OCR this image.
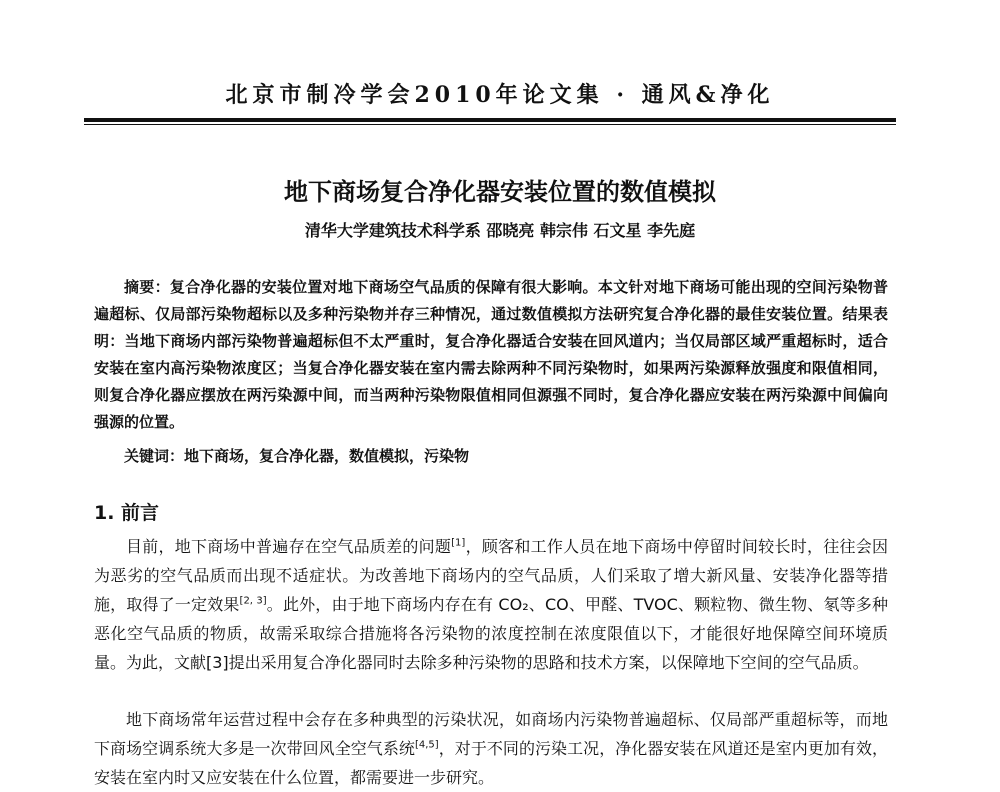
北京市制冷学会2010年论文集 · 通风&净化
地下商场复合净化器安装位置的数值模拟
清华大学建筑技术科学系 邵晓亮 韩宗伟 石文星 李先庭
摘要：复合净化器的安装位置对地下商场空气品质的保障有很大影响。本文针对地下商场可能出现的空间污染物普遍超标、仅局部污染物超标以及多种污染物并存三种情况，通过数值模拟方法研究复合净化器的最佳安装位置。结果表明：当地下商场内部污染物普遍超标但不太严重时，复合净化器适合安装在回风道内；当仅局部区域严重超标时，适合安装在室内高污染物浓度区；当复合净化器安装在室内需去除两种不同污染物时，如果两污染源释放强度和限值相同，则复合净化器应摆放在两污染源中间，而当两种污染物限值相同但源强不同时，复合净化器应安装在两污染源中间偏向强源的位置。
关键词：地下商场，复合净化器，数值模拟，污染物
1. 前言
目前，地下商场中普遍存在空气品质差的问题[1]，顾客和工作人员在地下商场中停留时间较长时，往往会因为恶劣的空气品质而出现不适症状。为改善地下商场内的空气品质，人们采取了增大新风量、安装净化器等措施，取得了一定效果[2, 3]。此外，由于地下商场内存在有 CO₂、CO、甲醛、TVOC、颗粒物、微生物、氡等多种恶化空气品质的物质，故需采取综合措施将各污染物的浓度控制在浓度限值以下，才能很好地保障空间环境质量。为此，文献[3]提出采用复合净化器同时去除多种污染物的思路和技术方案，以保障地下空间的空气品质。
地下商场常年运营过程中会存在多种典型的污染状况，如商场内污染物普遍超标、仅局部严重超标等，而地下商场空调系统大多是一次带回风全空气系统[4,5]，对于不同的污染工况，净化器安装在风道还是室内更加有效，安装在室内时又应安装在什么位置，都需要进一步研究。
